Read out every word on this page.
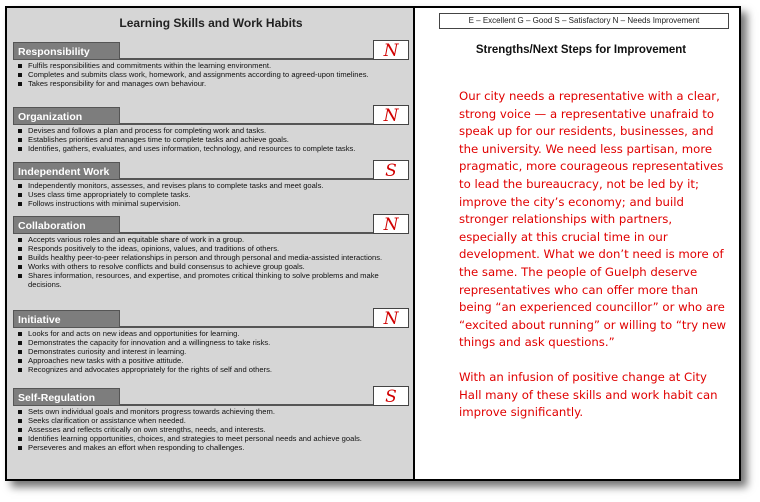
Learning Skills and Work Habits
Responsibility	N
Fulfils responsibilities and commitments within the learning environment.
Completes and submits class work, homework, and assignments according to agreed-upon timelines.
Takes responsibility for and manages own behaviour.
Organization	N
Devises and follows a plan and process for completing work and tasks.
Establishes priorities and manages time to complete tasks and achieve goals.
Identifies, gathers, evaluates, and uses information, technology, and resources to complete tasks.
Independent Work	S
Independently monitors, assesses, and revises plans to complete tasks and meet goals.
Uses class time appropriately to complete tasks.
Follows instructions with minimal supervision.
Collaboration	N
Accepts various roles and an equitable share of work in a group.
Responds positively to the ideas, opinions, values, and traditions of others.
Builds healthy peer-to-peer relationships in person and through personal and media-assisted interactions.
Works with others to resolve conflicts and build consensus to achieve group goals.
Shares information, resources, and expertise, and promotes critical thinking to solve problems and make decisions.
Initiative	N
Looks for and acts on new ideas and opportunities for learning.
Demonstrates the capacity for innovation and a willingness to take risks.
Demonstrates curiosity and interest in learning.
Approaches new tasks with a positive attitude.
Recognizes and advocates appropriately for the rights of self and others.
Self-Regulation	S
Sets own individual goals and monitors progress towards achieving them.
Seeks clarification or assistance when needed.
Assesses and reflects critically on own strengths, needs, and interests.
Identifies learning opportunities, choices, and strategies to meet personal needs and achieve goals.
Perseveres and makes an effort when responding to challenges.
E – Excellent G – Good S – Satisfactory N – Needs Improvement
Strengths/Next Steps for Improvement

Our city needs a representative with a clear, strong voice — a representative unafraid to speak up for our residents, businesses, and the university. We need less partisan, more pragmatic, more courageous representatives to lead the bureaucracy, not be led by it; improve the city’s economy; and build stronger relationships with partners, especially at this crucial time in our development. What we don’t need is more of the same. The people of Guelph deserve representatives who can offer more than being “an experienced councillor” or who are “excited about running” or willing to “try new things and ask questions.”

With an infusion of positive change at City Hall many of these skills and work habit can improve significantly.
